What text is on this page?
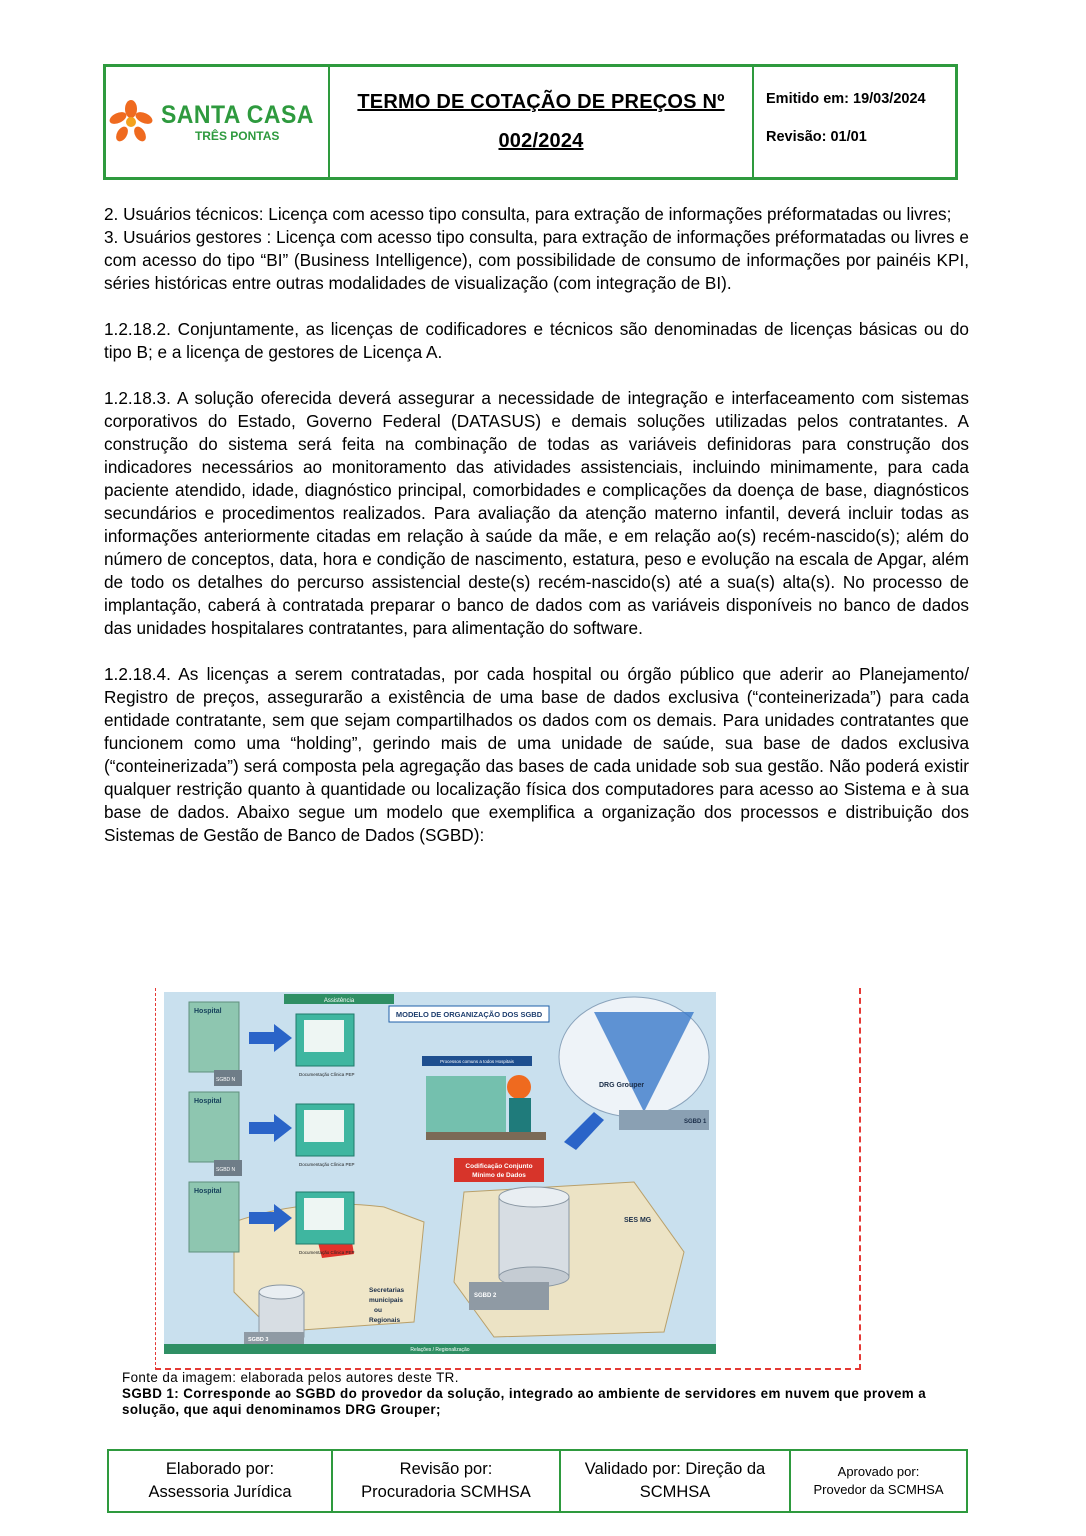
SANTA CASA
TRÊS PONTAS
TERMO DE COTAÇÃO DE PREÇOS Nº
002/2024
Emitido em: 19/03/2024
Revisão: 01/01

2. Usuários técnicos: Licença com acesso tipo consulta, para extração de informações préformatadas ou livres;

3. Usuários gestores : Licença com acesso tipo consulta, para extração de informações préformatadas ou livres e com acesso do tipo “BI” (Business Intelligence), com possibilidade de consumo de informações por painéis KPI, séries históricas entre outras modalidades de visualização (com integração de BI).

1.2.18.2. Conjuntamente, as licenças de codificadores e técnicos são denominadas de licenças básicas ou do tipo B; e a licença de gestores de Licença A.

1.2.18.3. A solução oferecida deverá assegurar a necessidade de integração e interfaceamento com sistemas corporativos do Estado, Governo Federal (DATASUS) e demais soluções utilizadas pelos contratantes. A construção do sistema será feita na combinação de todas as variáveis definidoras para construção dos indicadores necessários ao monitoramento das atividades assistenciais, incluindo minimamente, para cada paciente atendido, idade, diagnóstico principal, comorbidades e complicações da doença de base, diagnósticos secundários e procedimentos realizados. Para avaliação da atenção materno infantil, deverá incluir todas as informações anteriormente citadas em relação à saúde da mãe, e em relação ao(s) recém-nascido(s); além do número de conceptos, data, hora e condição de nascimento, estatura, peso e evolução na escala de Apgar, além de todo os detalhes do percurso assistencial deste(s) recém-nascido(s) até a sua(s) alta(s). No processo de implantação, caberá à contratada preparar o banco de dados com as variáveis disponíveis no banco de dados das unidades hospitalares contratantes, para alimentação do software.

1.2.18.4. As licenças a serem contratadas, por cada hospital ou órgão público que aderir ao Planejamento/ Registro de preços, assegurarão a existência de uma base de dados exclusiva (“conteinerizada”) para cada entidade contratante, sem que sejam compartilhados os dados com os demais. Para unidades contratantes que funcionem como uma “holding”, gerindo mais de uma unidade de saúde, sua base de dados exclusiva (“conteinerizada”) será composta pela agregação das bases de cada unidade sob sua gestão. Não poderá existir qualquer restrição quanto à quantidade ou localização física dos computadores para acesso ao Sistema e à sua base de dados. Abaixo segue um modelo que exemplifica a organização dos processos e distribuição dos Sistemas de Gestão de Banco de Dados (SGBD):

Assistência
MODELO DE ORGANIZAÇÃO DOS SGBD
Hospital
SGBD N
Hospital
SGBD N
Hospital
Documentação Clínica PEP
Documentação Clínica PEP
Documentação Clínica PEP
Processos comuns a todos Hospitais
Codificação Conjunto
Mínimo de Dados
DRG Grouper
SGBD 1
SGBD 2
SES MG
SGBD 3
Secretarias
municipais
ou
Regionais
Relações / Regionalização
Fonte da imagem: elaborada pelos autores deste TR.
SGBD 1: Corresponde ao SGBD do provedor da solução, integrado ao ambiente de servidores em nuvem que provem a solução, que aqui denominamos DRG Grouper;
Elaborado por:
Assessoria Jurídica
Revisão por:
Procuradoria SCMHSA
Validado por: Direção da
SCMHSA
Aprovado por:
Provedor da SCMHSA
